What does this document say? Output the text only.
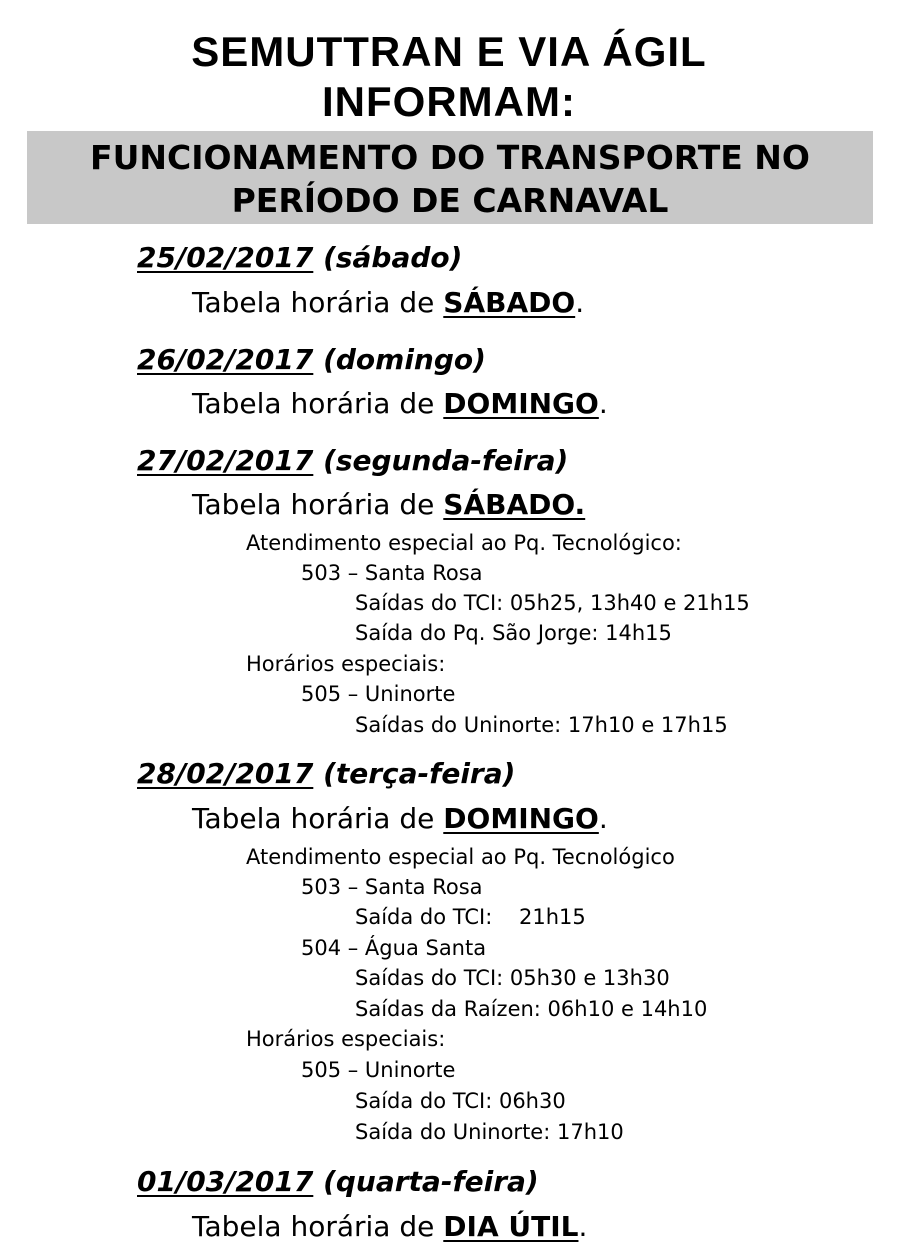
SEMUTTRAN E VIA ÁGIL
INFORMAM:
FUNCIONAMENTO DO TRANSPORTE NO
PERÍODO DE CARNAVAL
25/02/2017 (sábado)
Tabela horária de SÁBADO.
26/02/2017 (domingo)
Tabela horária de DOMINGO.
27/02/2017 (segunda-feira)
Tabela horária de SÁBADO.
Atendimento especial ao Pq. Tecnológico:
503 – Santa Rosa
Saídas do TCI: 05h25, 13h40 e 21h15
Saída do Pq. São Jorge: 14h15
Horários especiais:
505 – Uninorte
Saídas do Uninorte: 17h10 e 17h15
28/02/2017 (terça-feira)
Tabela horária de DOMINGO.
Atendimento especial ao Pq. Tecnológico
503 – Santa Rosa
Saída do TCI:    21h15
504 – Água Santa
Saídas do TCI: 05h30 e 13h30
Saídas da Raízen: 06h10 e 14h10
Horários especiais:
505 – Uninorte
Saída do TCI: 06h30
Saída do Uninorte: 17h10
01/03/2017 (quarta-feira)
Tabela horária de DIA ÚTIL.
